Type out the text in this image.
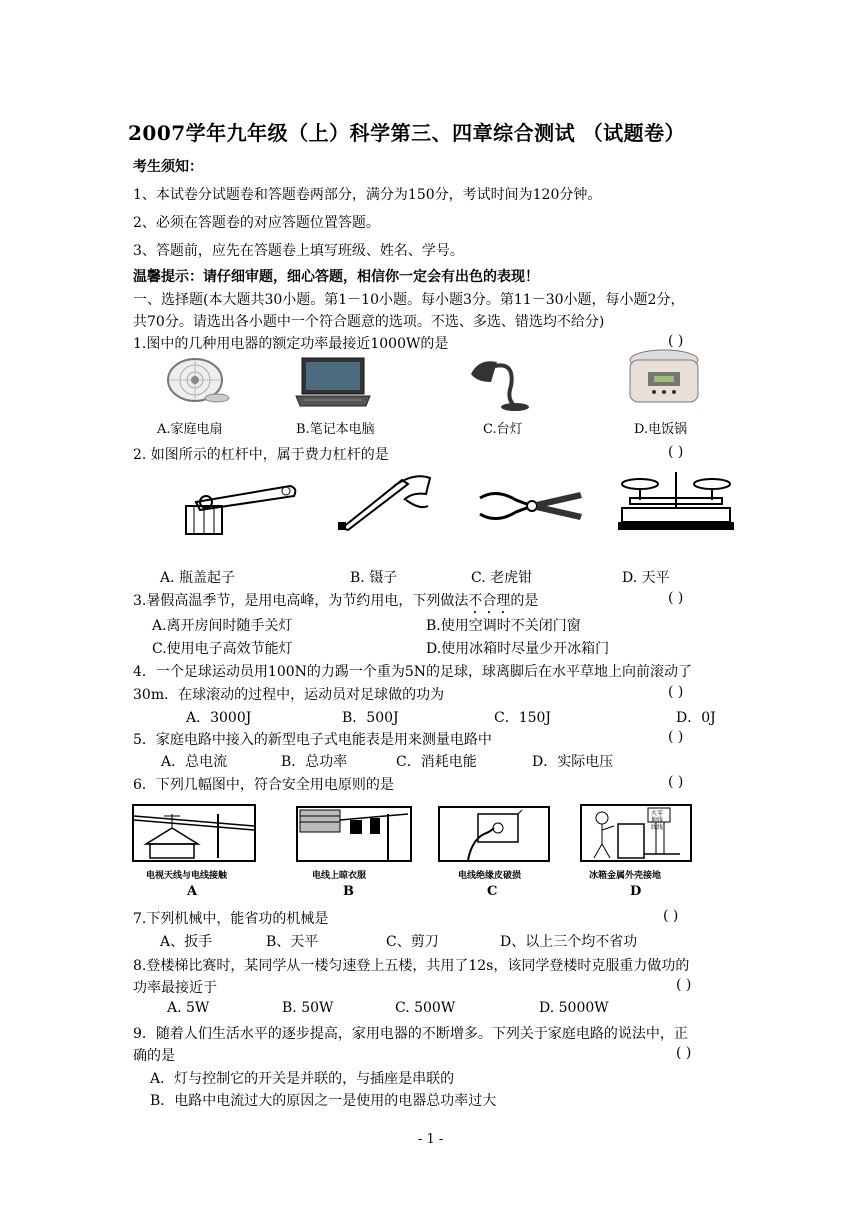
2007学年九年级（上）科学第三、四章综合测试 （试题卷）
考生须知：
1、本试卷分试题卷和答题卷两部分，满分为150分，考试时间为120分钟。
2、必须在答题卷的对应答题位置答题。
3、答题前，应先在答题卷上填写班级、姓名、学号。
温馨提示：请仔细审题，细心答题，相信你一定会有出色的表现！
一、选择题(本大题共30小题。第1－10小题。每小题3分。第11－30小题，每小题2分，
共70分。请选出各小题中一个符合题意的选项。不选、多选、错选均不给分)
1.图中的几种用电器的额定功率最接近1000W的是	( )
A.家庭电扇	B.笔记本电脑	C.台灯	D.电饭锅
2. 如图所示的杠杆中，属于费力杠杆的是	( )
A. 瓶盖起子	B. 镊子	C. 老虎钳	D. 天平
3.暑假高温季节，是用电高峰，为节约用电，下列做法不合理的是	( )
A.离开房间时随手关灯	B.使用空调时不关闭门窗
C.使用电子高效节能灯	D.使用冰箱时尽量少开冰箱门
4．一个足球运动员用100N的力踢一个重为5N的足球，球离脚后在水平草地上向前滚动了
30m．在球滚动的过程中，运动员对足球做的功为	( )
A．3000J	B．500J	C．150J	D．0J
5．家庭电路中接入的新型电子式电能表是用来测量电路中	( )
A．总电流	B．总功率	C．消耗电能	D．实际电压
6．下列几幅图中，符合安全用电原则的是	( )
火零地线线线
电视天线与电线接触	电线上晾衣服	电线绝缘皮破损	冰箱金属外壳接地
A	B	C	D
7.下列机械中，能省功的机械是	( )
A、扳手	B、天平	C、剪刀	D、以上三个均不省功
8.登楼梯比赛时，某同学从一楼匀速登上五楼，共用了12s，该同学登楼时克服重力做功的
功率最接近于	( )
A. 5W	B. 50W	C. 500W	D. 5000W
9．随着人们生活水平的逐步提高，家用电器的不断增多。下列关于家庭电路的说法中，正
确的是	( )
A．灯与控制它的开关是并联的，与插座是串联的
B．电路中电流过大的原因之一是使用的电器总功率过大
- 1 -
